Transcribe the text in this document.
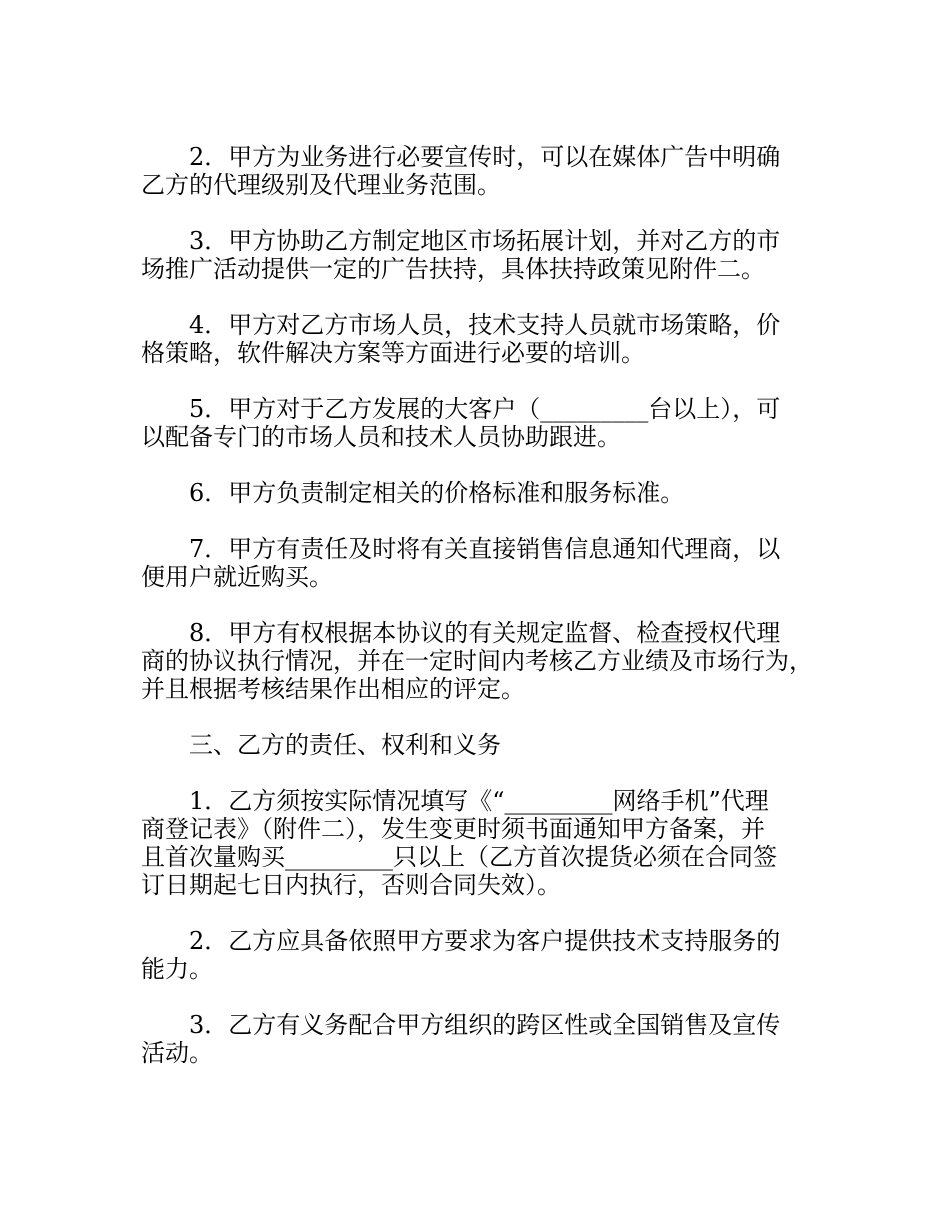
2．甲方为业务进行必要宣传时，可以在媒体广告中明确
乙方的代理级别及代理业务范围。
3．甲方协助乙方制定地区市场拓展计划，并对乙方的市
场推广活动提供一定的广告扶持，具体扶持政策见附件二。
4．甲方对乙方市场人员，技术支持人员就市场策略，价
格策略，软件解决方案等方面进行必要的培训。
5．甲方对于乙方发展的大客户（_________台以上），可
以配备专门的市场人员和技术人员协助跟进。
6．甲方负责制定相关的价格标准和服务标准。
7．甲方有责任及时将有关直接销售信息通知代理商，以
便用户就近购买。
8．甲方有权根据本协议的有关规定监督、检查授权代理
商的协议执行情况，并在一定时间内考核乙方业绩及市场行为，
并且根据考核结果作出相应的评定。
三、乙方的责任、权利和义务
1．乙方须按实际情况填写《“_________网络手机”代理
商登记表》（附件二），发生变更时须书面通知甲方备案，并
且首次量购买_________只以上（乙方首次提货必须在合同签
订日期起七日内执行，否则合同失效）。
2．乙方应具备依照甲方要求为客户提供技术支持服务的
能力。
3．乙方有义务配合甲方组织的跨区性或全国销售及宣传
活动。
